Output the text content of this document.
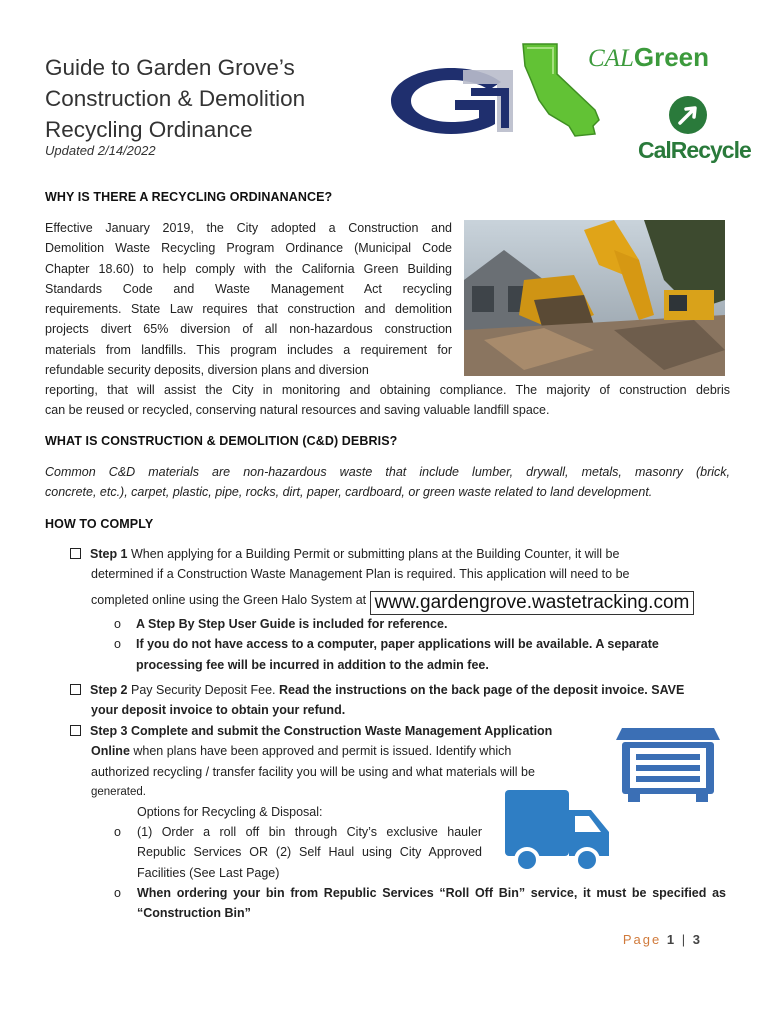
Guide to Garden Grove’s
Construction & Demolition
Recycling Ordinance
Updated 2/14/2022
CALGreen
CalRecycle
WHY IS THERE A RECYCLING ORDINANANCE?
Effective January 2019, the City adopted a Construction and
Demolition Waste Recycling Program Ordinance (Municipal Code
Chapter 18.60) to help comply with the California Green Building
Standards Code and Waste Management Act recycling
requirements. State Law requires that construction and demolition
projects divert 65% diversion of all non-hazardous construction
materials from landfills. This program includes a requirement for
refundable security deposits, diversion plans and diversion
reporting, that will assist the City in monitoring and obtaining compliance. The majority of construction debris
can be reused or recycled, conserving natural resources and saving valuable landfill space.
WHAT IS CONSTRUCTION & DEMOLITION (C&D) DEBRIS?
Common C&D materials are non-hazardous waste that include lumber, drywall, metals, masonry (brick,
concrete, etc.), carpet, plastic, pipe, rocks, dirt, paper, cardboard, or green waste related to land development.
HOW TO COMPLY
Step 1 When applying for a Building Permit or submitting plans at the Building Counter, it will be
determined if a Construction Waste Management Plan is required. This application will need to be
completed online using the Green Halo System at www.gardengrove.wastetracking.com
o A Step By Step User Guide is included for reference.
o If you do not have access to a computer, paper applications will be available. A separate
processing fee will be incurred in addition to the admin fee.
Step 2 Pay Security Deposit Fee. Read the instructions on the back page of the deposit invoice. SAVE
your deposit invoice to obtain your refund.
Step 3 Complete and submit the Construction Waste Management Application
Online when plans have been approved and permit is issued. Identify which
authorized recycling / transfer facility you will be using and what materials will be
generated.
Options for Recycling & Disposal:
o (1) Order a roll off bin through City’s exclusive hauler
Republic Services OR (2) Self Haul using City Approved
Facilities (See Last Page)
o When ordering your bin from Republic Services “Roll Off Bin” service, it must be specified as
“Construction Bin”
Page 1 | 3
